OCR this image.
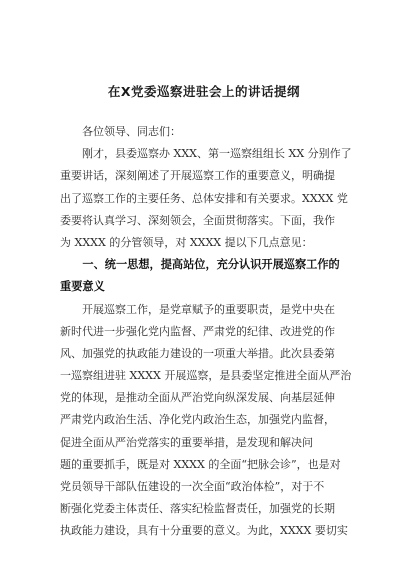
在X党委巡察进驻会上的讲话提纲
　　各位领导、同志们：
　　刚才，县委巡察办 XXX、第一巡察组组长 XX 分别作了
重要讲话，深刻阐述了开展巡察工作的重要意义，明确提
出了巡察工作的主要任务、总体安排和有关要求。XXXX 党
委要将认真学习、深刻领会，全面贯彻落实。下面，我作
为 XXXX 的分管领导，对 XXXX 提以下几点意见：
　　一、统一思想，提高站位，充分认识开展巡察工作的
重要意义
　　开展巡察工作，是党章赋予的重要职责，是党中央在
新时代进一步强化党内监督、严肃党的纪律、改进党的作
风、加强党的执政能力建设的一项重大举措。此次县委第
一巡察组进驻 XXXX 开展巡察，是县委坚定推进全面从严治
党的体现，是推动全面从严治党向纵深发展、向基层延伸
严肃党内政治生活、净化党内政治生态，加强党内监督，
促进全面从严治党落实的重要举措，是发现和解决问
题的重要抓手，既是对 XXXX 的全面“把脉会诊”，也是对
党员领导干部队伍建设的一次全面“政治体检”，对于不
断强化党委主体责任、落实纪检监督责任，加强党的长期
执政能力建设，具有十分重要的意义。为此，XXXX 要切实
